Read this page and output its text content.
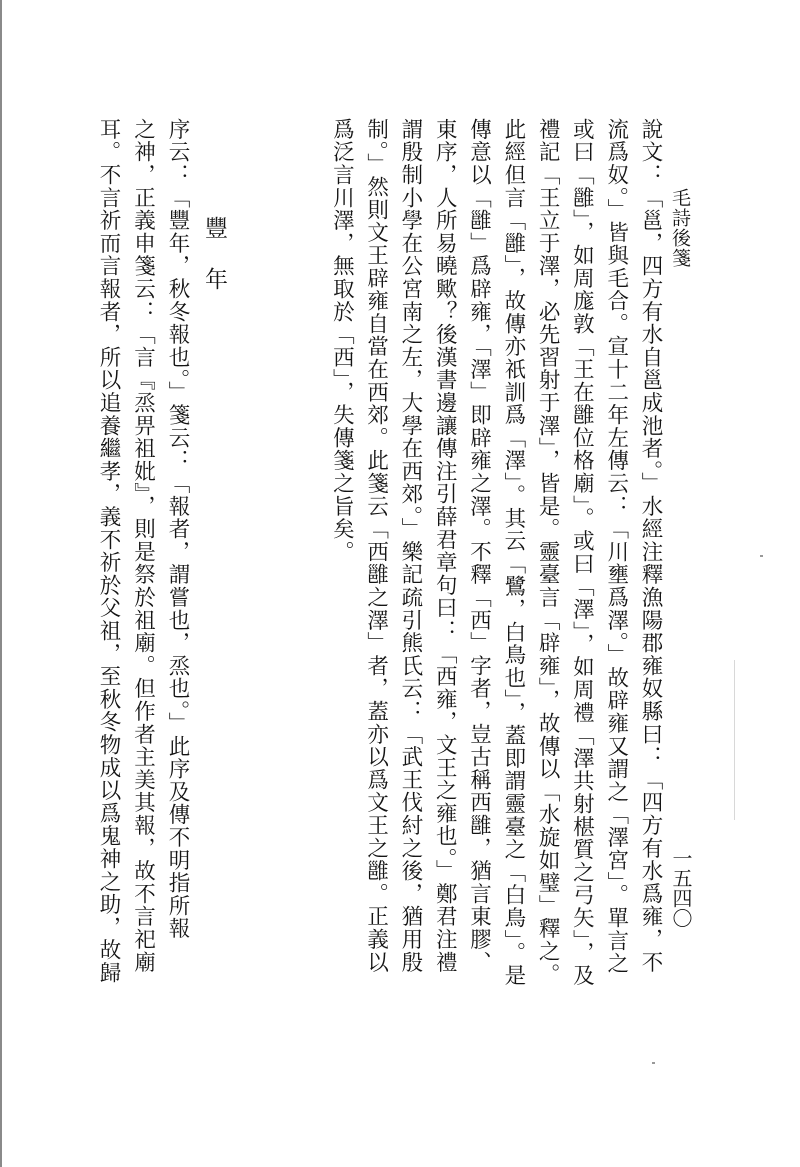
毛詩後箋
一五四〇
說文：「邕，四方有水自邕成池者。」水經注釋漁陽郡雍奴縣曰：「四方有水爲雍，不
流爲奴。」皆與毛合。宣十二年左傳云：「川壅爲澤。」故辟雍又謂之「澤宮」。單言之
或曰「雝」，如周庬敦「王在雝位格廟」。或曰「澤」，如周禮「澤共射椹質之弓矢」，及
禮記「王立于澤，必先習射于澤」，皆是。靈臺言「辟雍」，故傳以「水旋如璧」釋之。
此經但言「雝」，故傳亦祇訓爲「澤」。其云「鷺，白鳥也」，蓋即謂靈臺之「白鳥」。是
傳意以「雝」爲辟雍，「澤」即辟雍之澤。不釋「西」字者，豈古稱西雝，猶言東膠、
東序，人所易曉歟？後漢書邊讓傳注引薛君章句曰：「西雍，文王之雍也。」鄭君注禮
謂殷制小學在公宮南之左，大學在西郊。」樂記疏引熊氏云：「武王伐紂之後，猶用殷
制。」然則文王辟雍自當在西郊。此箋云「西雝之澤」者，蓋亦以爲文王之雝。正義以
爲泛言川澤，無取於「西」，失傳箋之旨矣。
豐年
序云：「豐年，秋冬報也。」箋云：「報者，謂嘗也，烝也。」此序及傳不明指所報
之神，正義申箋云：「言『烝畀祖妣』，則是祭於祖廟。但作者主美其報，故不言祀廟
耳。不言祈而言報者，所以追養繼孝，義不祈於父祖，至秋冬物成以爲鬼神之助，故歸
